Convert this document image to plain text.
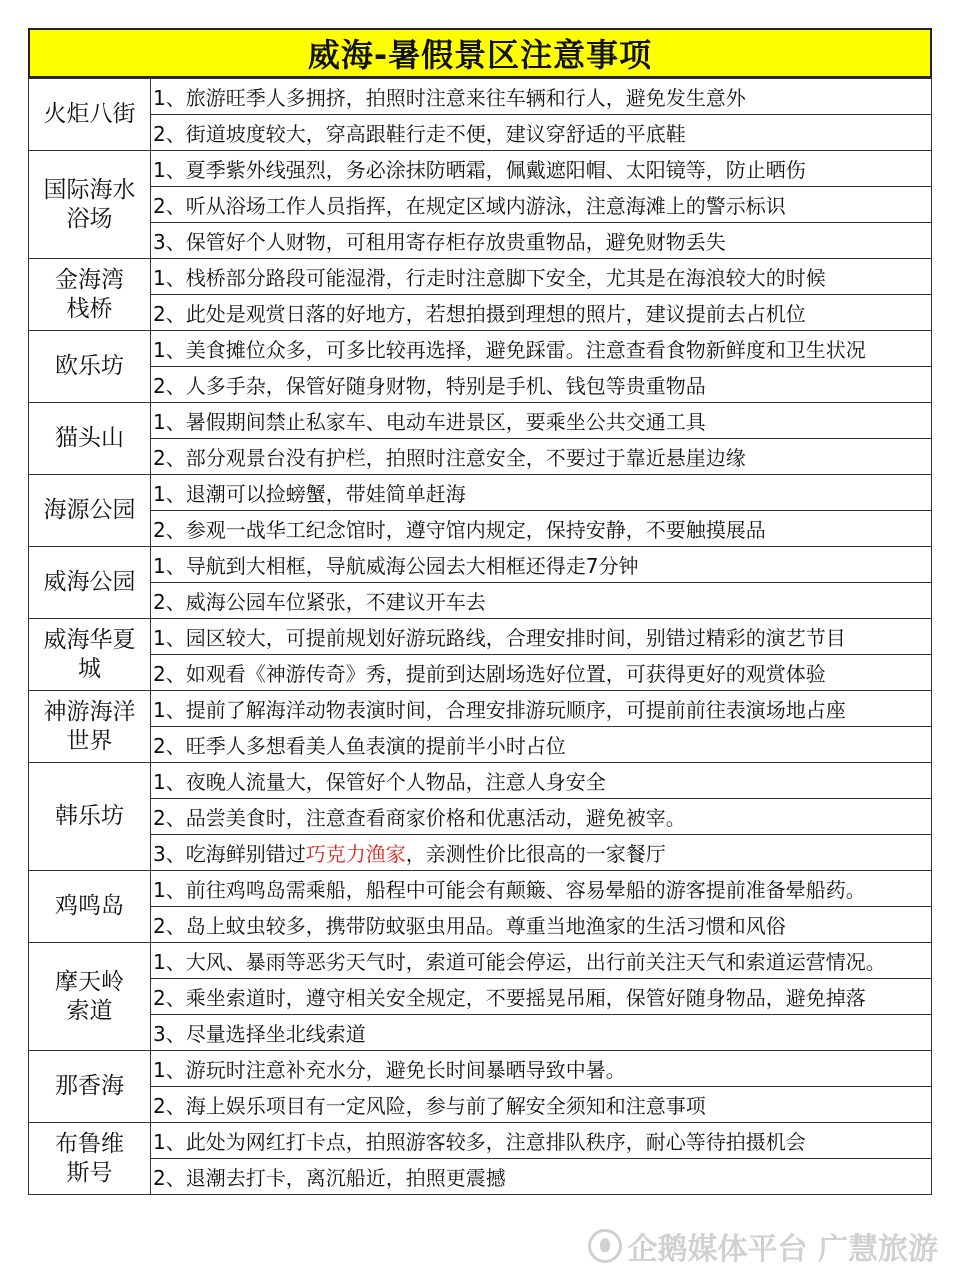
威海-暑假景区注意事项
火炬八街	1、旅游旺季人多拥挤，拍照时注意来往车辆和行人，避免发生意外
	2、街道坡度较大，穿高跟鞋行走不便，建议穿舒适的平底鞋
国际海水浴场	1、夏季紫外线强烈，务必涂抹防晒霜，佩戴遮阳帽、太阳镜等，防止晒伤
	2、听从浴场工作人员指挥，在规定区域内游泳，注意海滩上的警示标识
	3、保管好个人财物，可租用寄存柜存放贵重物品，避免财物丢失
金海湾栈桥	1、栈桥部分路段可能湿滑，行走时注意脚下安全，尤其是在海浪较大的时候
	2、此处是观赏日落的好地方，若想拍摄到理想的照片，建议提前去占机位
欧乐坊	1、美食摊位众多，可多比较再选择，避免踩雷。注意查看食物新鲜度和卫生状况
	2、人多手杂，保管好随身财物，特别是手机、钱包等贵重物品
猫头山	1、暑假期间禁止私家车、电动车进景区，要乘坐公共交通工具
	2、部分观景台没有护栏，拍照时注意安全，不要过于靠近悬崖边缘
海源公园	1、退潮可以捡螃蟹，带娃简单赶海
	2、参观一战华工纪念馆时，遵守馆内规定，保持安静，不要触摸展品
威海公园	1、导航到大相框，导航威海公园去大相框还得走7分钟
	2、威海公园车位紧张，不建议开车去
威海华夏城	1、园区较大，可提前规划好游玩路线，合理安排时间，别错过精彩的演艺节目
	2、如观看《神游传奇》秀，提前到达剧场选好位置，可获得更好的观赏体验
神游海洋世界	1、提前了解海洋动物表演时间，合理安排游玩顺序，可提前前往表演场地占座
	2、旺季人多想看美人鱼表演的提前半小时占位
韩乐坊	1、夜晚人流量大，保管好个人物品，注意人身安全
	2、品尝美食时，注意查看商家价格和优惠活动，避免被宰。
	3、吃海鲜别错过巧克力渔家，亲测性价比很高的一家餐厅
鸡鸣岛	1、前往鸡鸣岛需乘船，船程中可能会有颠簸、容易晕船的游客提前准备晕船药。
	2、岛上蚊虫较多，携带防蚊驱虫用品。尊重当地渔家的生活习惯和风俗
摩天岭索道	1、大风、暴雨等恶劣天气时，索道可能会停运，出行前关注天气和索道运营情况。
	2、乘坐索道时，遵守相关安全规定，不要摇晃吊厢，保管好随身物品，避免掉落
	3、尽量选择坐北线索道
那香海	1、游玩时注意补充水分，避免长时间暴晒导致中暑。
	2、海上娱乐项目有一定风险，参与前了解安全须知和注意事项
布鲁维斯号	1、此处为网红打卡点，拍照游客较多，注意排队秩序，耐心等待拍摄机会
	2、退潮去打卡，离沉船近，拍照更震撼
企鹅媒体平台 广慧旅游
